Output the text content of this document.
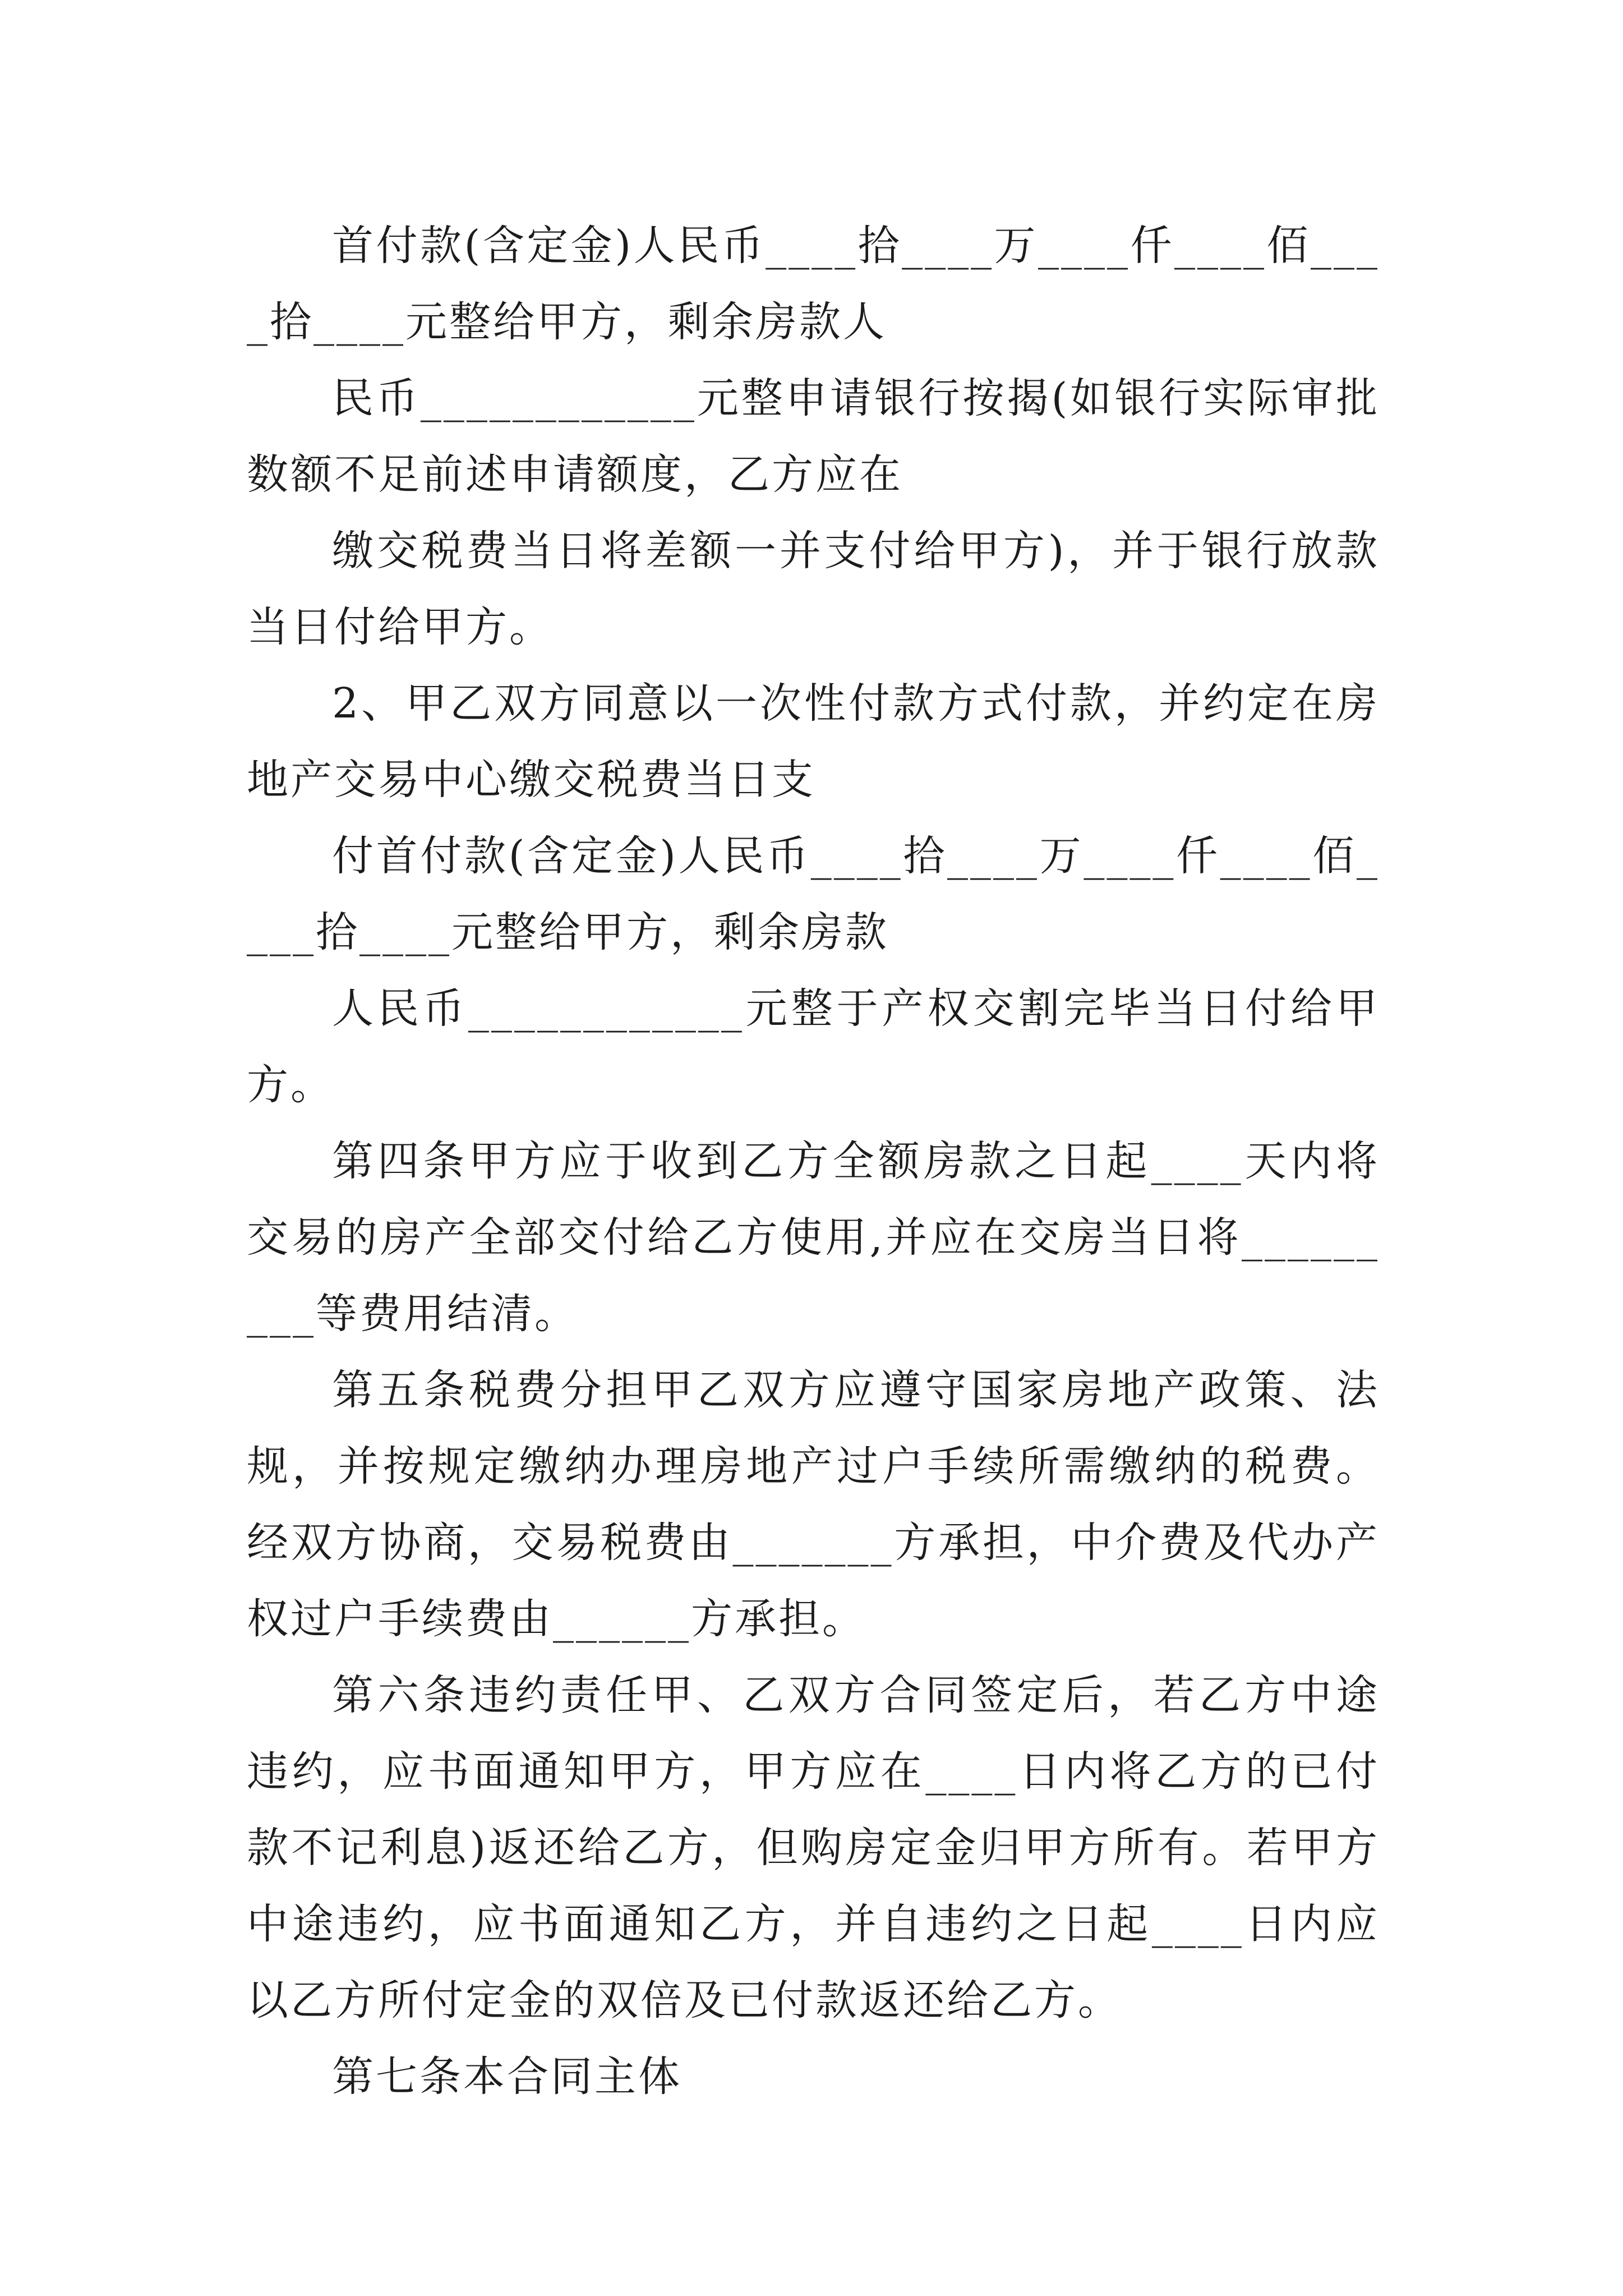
首付款(含定金)人民币____拾____万____仟____佰____拾____元整给甲方，剩余房款人

民币____________元整申请银行按揭(如银行实际审批数额不足前述申请额度，乙方应在

缴交税费当日将差额一并支付给甲方)，并于银行放款当日付给甲方。

2、甲乙双方同意以一次性付款方式付款，并约定在房地产交易中心缴交税费当日支

付首付款(含定金)人民币____拾____万____仟____佰____拾____元整给甲方，剩余房款

人民币____________元整于产权交割完毕当日付给甲方。

第四条甲方应于收到乙方全额房款之日起____天内将交易的房产全部交付给乙方使用,并应在交房当日将_________等费用结清。

第五条税费分担甲乙双方应遵守国家房地产政策、法规，并按规定缴纳办理房地产过户手续所需缴纳的税费。经双方协商，交易税费由_______方承担，中介费及代办产权过户手续费由______方承担。

第六条违约责任甲、乙双方合同签定后，若乙方中途违约，应书面通知甲方，甲方应在____日内将乙方的已付款不记利息)返还给乙方，但购房定金归甲方所有。若甲方中途违约，应书面通知乙方，并自违约之日起____日内应以乙方所付定金的双倍及已付款返还给乙方。

第七条本合同主体
